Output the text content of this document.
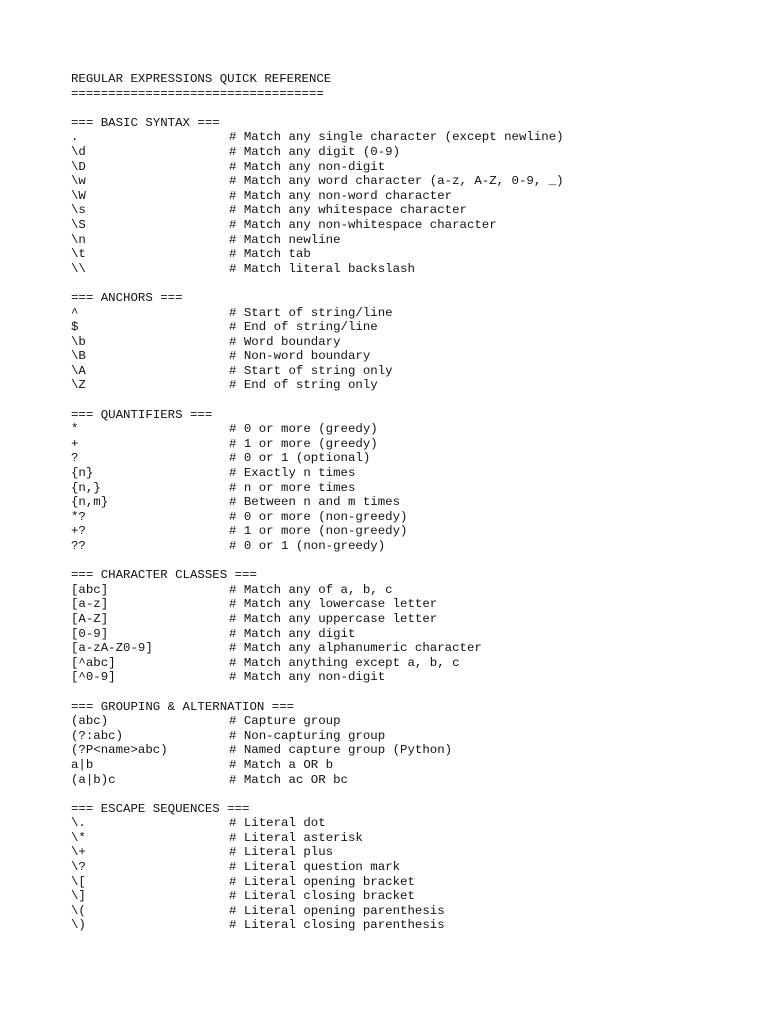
REGULAR EXPRESSIONS QUICK REFERENCE
==================================
=== BASIC SYNTAX ===
.	# Match any single character (except newline)
\d	# Match any digit (0-9)
\D	# Match any non-digit
\w	# Match any word character (a-z, A-Z, 0-9, _)
\W	# Match any non-word character
\s	# Match any whitespace character
\S	# Match any non-whitespace character
\n	# Match newline
\t	# Match tab
\\	# Match literal backslash
=== ANCHORS ===
^	# Start of string/line
$	# End of string/line
\b	# Word boundary
\B	# Non-word boundary
\A	# Start of string only
\Z	# End of string only
=== QUANTIFIERS ===
*	# 0 or more (greedy)
+	# 1 or more (greedy)
?	# 0 or 1 (optional)
{n}	# Exactly n times
{n,}	# n or more times
{n,m}	# Between n and m times
*?	# 0 or more (non-greedy)
+?	# 1 or more (non-greedy)
??	# 0 or 1 (non-greedy)
=== CHARACTER CLASSES ===
[abc]	# Match any of a, b, c
[a-z]	# Match any lowercase letter
[A-Z]	# Match any uppercase letter
[0-9]	# Match any digit
[a-zA-Z0-9]	# Match any alphanumeric character
[^abc]	# Match anything except a, b, c
[^0-9]	# Match any non-digit
=== GROUPING & ALTERNATION ===
(abc)	# Capture group
(?:abc)	# Non-capturing group
(?P<name>abc)	# Named capture group (Python)
a|b	# Match a OR b
(a|b)c	# Match ac OR bc
=== ESCAPE SEQUENCES ===
\.	# Literal dot
\*	# Literal asterisk
\+	# Literal plus
\?	# Literal question mark
\[	# Literal opening bracket
\]	# Literal closing bracket
\(	# Literal opening parenthesis
\)	# Literal closing parenthesis
